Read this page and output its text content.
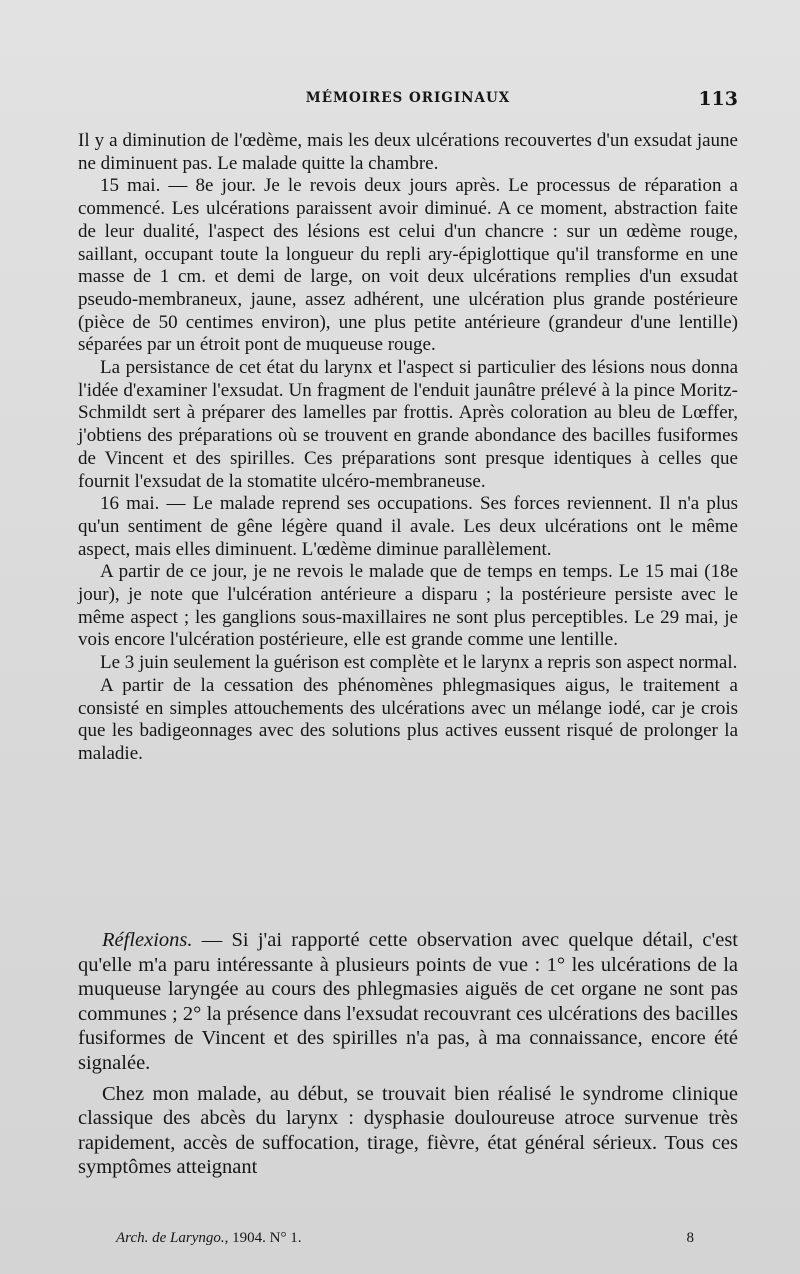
MÉMOIRES ORIGINAUX	113

Il y a diminution de l'œdème, mais les deux ulcérations recouvertes d'un exsudat jaune ne diminuent pas. Le malade quitte la chambre.

15 mai. — 8e jour. Je le revois deux jours après. Le processus de réparation a commencé. Les ulcérations paraissent avoir diminué. A ce moment, abstraction faite de leur dualité, l'aspect des lésions est celui d'un chancre : sur un œdème rouge, saillant, occupant toute la longueur du repli ary-épiglottique qu'il transforme en une masse de 1 cm. et demi de large, on voit deux ulcérations remplies d'un exsudat pseudo-membraneux, jaune, assez adhérent, une ulcération plus grande postérieure (pièce de 50 centimes environ), une plus petite antérieure (grandeur d'une lentille) séparées par un étroit pont de muqueuse rouge.

La persistance de cet état du larynx et l'aspect si particulier des lésions nous donna l'idée d'examiner l'exsudat. Un fragment de l'enduit jaunâtre prélevé à la pince Moritz-Schmildt sert à préparer des lamelles par frottis. Après coloration au bleu de Lœffer, j'obtiens des préparations où se trouvent en grande abondance des bacilles fusiformes de Vincent et des spirilles. Ces préparations sont presque identiques à celles que fournit l'exsudat de la stomatite ulcéro-membraneuse.

16 mai. — Le malade reprend ses occupations. Ses forces reviennent. Il n'a plus qu'un sentiment de gêne légère quand il avale. Les deux ulcérations ont le même aspect, mais elles diminuent. L'œdème diminue parallèlement.

A partir de ce jour, je ne revois le malade que de temps en temps. Le 15 mai (18e jour), je note que l'ulcération antérieure a disparu ; la postérieure persiste avec le même aspect ; les ganglions sous-maxillaires ne sont plus perceptibles. Le 29 mai, je vois encore l'ulcération postérieure, elle est grande comme une lentille.

Le 3 juin seulement la guérison est complète et le larynx a repris son aspect normal.

A partir de la cessation des phénomènes phlegmasiques aigus, le traitement a consisté en simples attouchements des ulcérations avec un mélange iodé, car je crois que les badigeonnages avec des solutions plus actives eussent risqué de prolonger la maladie.

Réflexions. — Si j'ai rapporté cette observation avec quelque détail, c'est qu'elle m'a paru intéressante à plusieurs points de vue : 1° les ulcérations de la muqueuse laryngée au cours des phlegmasies aiguës de cet organe ne sont pas communes ; 2° la présence dans l'exsudat recouvrant ces ulcérations des bacilles fusiformes de Vincent et des spirilles n'a pas, à ma connaissance, encore été signalée.

Chez mon malade, au début, se trouvait bien réalisé le syndrome clinique classique des abcès du larynx : dysphasie douloureuse atroce survenue très rapidement, accès de suffocation, tirage, fièvre, état général sérieux. Tous ces symptômes atteignant

Arch. de Laryngo., 1904. N° 1.	8
